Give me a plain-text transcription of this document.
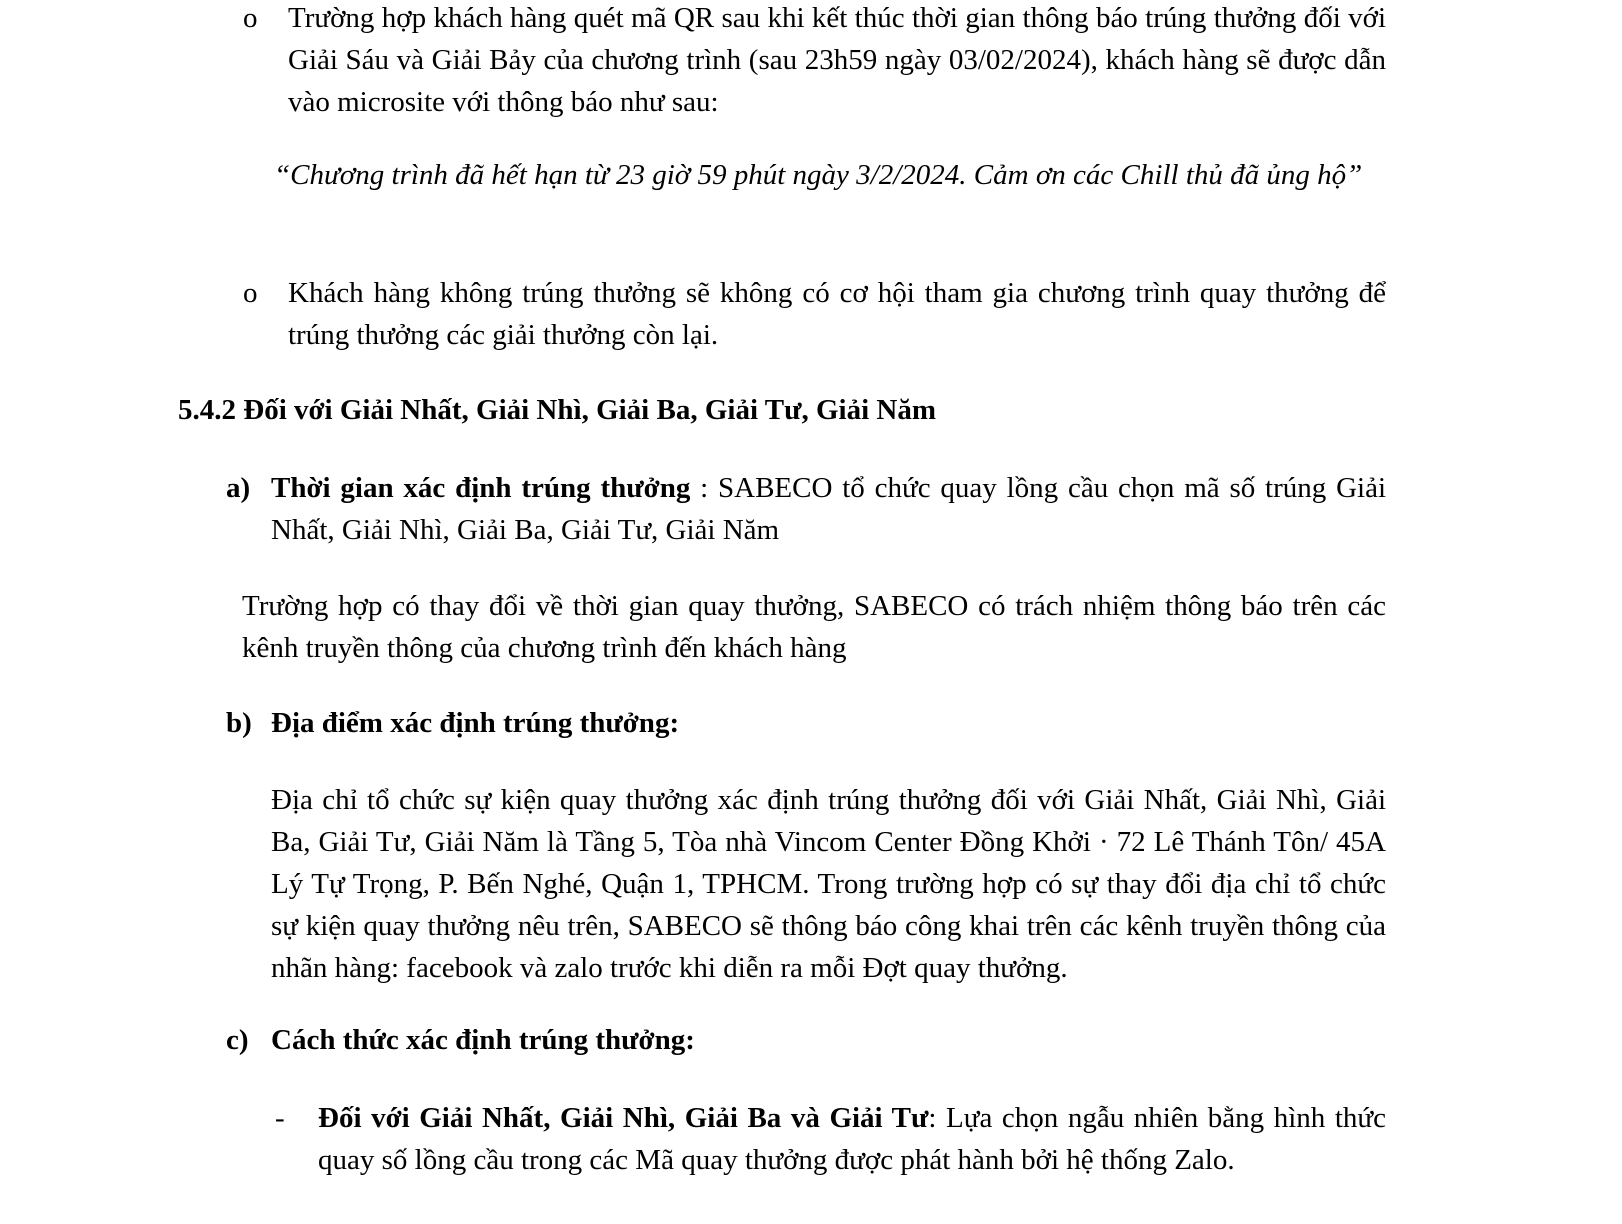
o Trường hợp khách hàng quét mã QR sau khi kết thúc thời gian thông báo trúng thưởng đối với Giải Sáu và Giải Bảy của chương trình (sau 23h59 ngày 03/02/2024), khách hàng sẽ được dẫn vào microsite với thông báo như sau:
“Chương trình đã hết hạn từ 23 giờ 59 phút ngày 3/2/2024. Cảm ơn các Chill thủ đã ủng hộ”
o Khách hàng không trúng thưởng sẽ không có cơ hội tham gia chương trình quay thưởng để trúng thưởng các giải thưởng còn lại.
5.4.2 Đối với Giải Nhất, Giải Nhì, Giải Ba, Giải Tư, Giải Năm
a) Thời gian xác định trúng thưởng : SABECO tổ chức quay lồng cầu chọn mã số trúng Giải Nhất, Giải Nhì, Giải Ba, Giải Tư, Giải Năm
Trường hợp có thay đổi về thời gian quay thưởng, SABECO có trách nhiệm thông báo trên các kênh truyền thông của chương trình đến khách hàng
b) Địa điểm xác định trúng thưởng:
Địa chỉ tổ chức sự kiện quay thưởng xác định trúng thưởng đối với Giải Nhất, Giải Nhì, Giải Ba, Giải Tư, Giải Năm là Tầng 5, Tòa nhà Vincom Center Đồng Khởi · 72 Lê Thánh Tôn/ 45A Lý Tự Trọng, P. Bến Nghé, Quận 1, TPHCM. Trong trường hợp có sự thay đổi địa chỉ tổ chức sự kiện quay thưởng nêu trên, SABECO sẽ thông báo công khai trên các kênh truyền thông của nhãn hàng: facebook và zalo trước khi diễn ra mỗi Đợt quay thưởng.
c) Cách thức xác định trúng thưởng:
- Đối với Giải Nhất, Giải Nhì, Giải Ba và Giải Tư: Lựa chọn ngẫu nhiên bằng hình thức quay số lồng cầu trong các Mã quay thưởng được phát hành bởi hệ thống Zalo.
